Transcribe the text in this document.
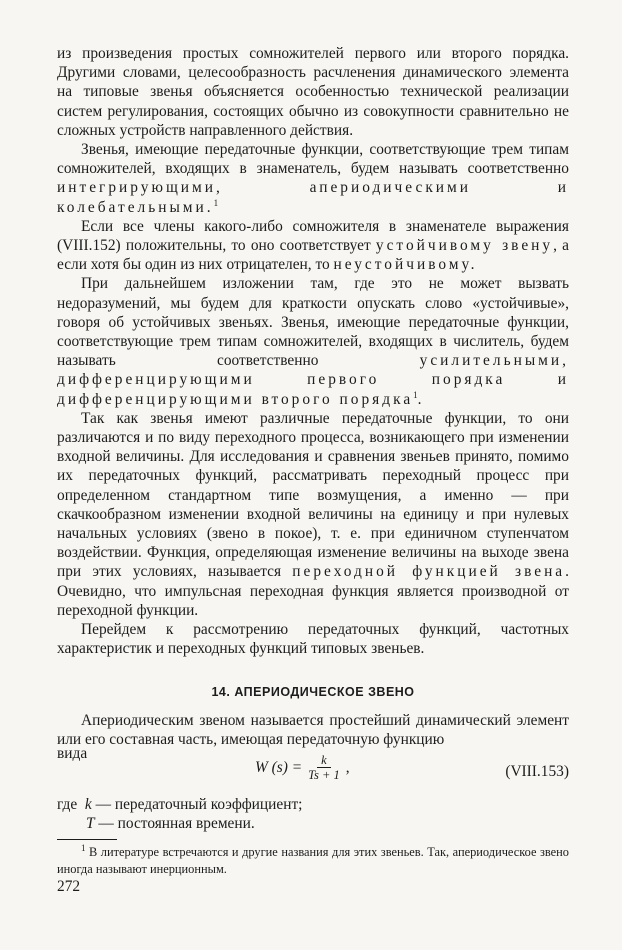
из произведения простых сомножителей первого или второго порядка. Другими словами, целесообразность расчленения динамического элемента на типовые звенья объясняется особенностью технической реализации систем регулирования, состоящих обычно из совокупности сравнительно не сложных устройств направленного действия.

Звенья, имеющие передаточные функции, соответствующие трем типам сомножителей, входящих в знаменатель, будем называть соответственно интегрирующими, апериодическими и колебательными.$^1$

Если все члены какого-либо сомножителя в знаменателе выражения (VIII.152) положительны, то оно соответствует устойчивому звену, а если хотя бы один из них отрицателен, то неустойчивому.

При дальнейшем изложении там, где это не может вызвать недоразумений, мы будем для краткости опускать слово «устойчивые», говоря об устойчивых звеньях. Звенья, имеющие передаточные функции, соответствующие трем типам сомножителей, входящих в числитель, будем называть соответственно усилительными, дифференцирующими первого порядка и дифференцирующими второго порядка$^1$.

Так как звенья имеют различные передаточные функции, то они различаются и по виду переходного процесса, возникающего при изменении входной величины. Для исследования и сравнения звеньев принято, помимо их передаточных функций, рассматривать переходный процесс при определенном стандартном типе возмущения, а именно — при скачкообразном изменении входной величины на единицу и при нулевых начальных условиях (звено в покое), т. е. при единичном ступенчатом воздействии. Функция, определяющая изменение величины на выходе звена при этих условиях, называется переходной функцией звена. Очевидно, что импульсная переходная функция является производной от переходной функции.

Перейдем к рассмотрению передаточных функций, частотных характеристик и переходных функций типовых звеньев.

14. АПЕРИОДИЧЕСКОЕ ЗВЕНО

Апериодическим звеном называется простейший динамический элемент или его составная часть, имеющая передаточную функцию

вида
W $(s) = \frac{k}{Ts + 1}$ ,	(VIII.153)
где k — передаточный коэффициент;
T — постоянная времени.

$^1$ В литературе встречаются и другие названия для этих звеньев. Так, апериодическое звено иногда называют инерционным.

272
